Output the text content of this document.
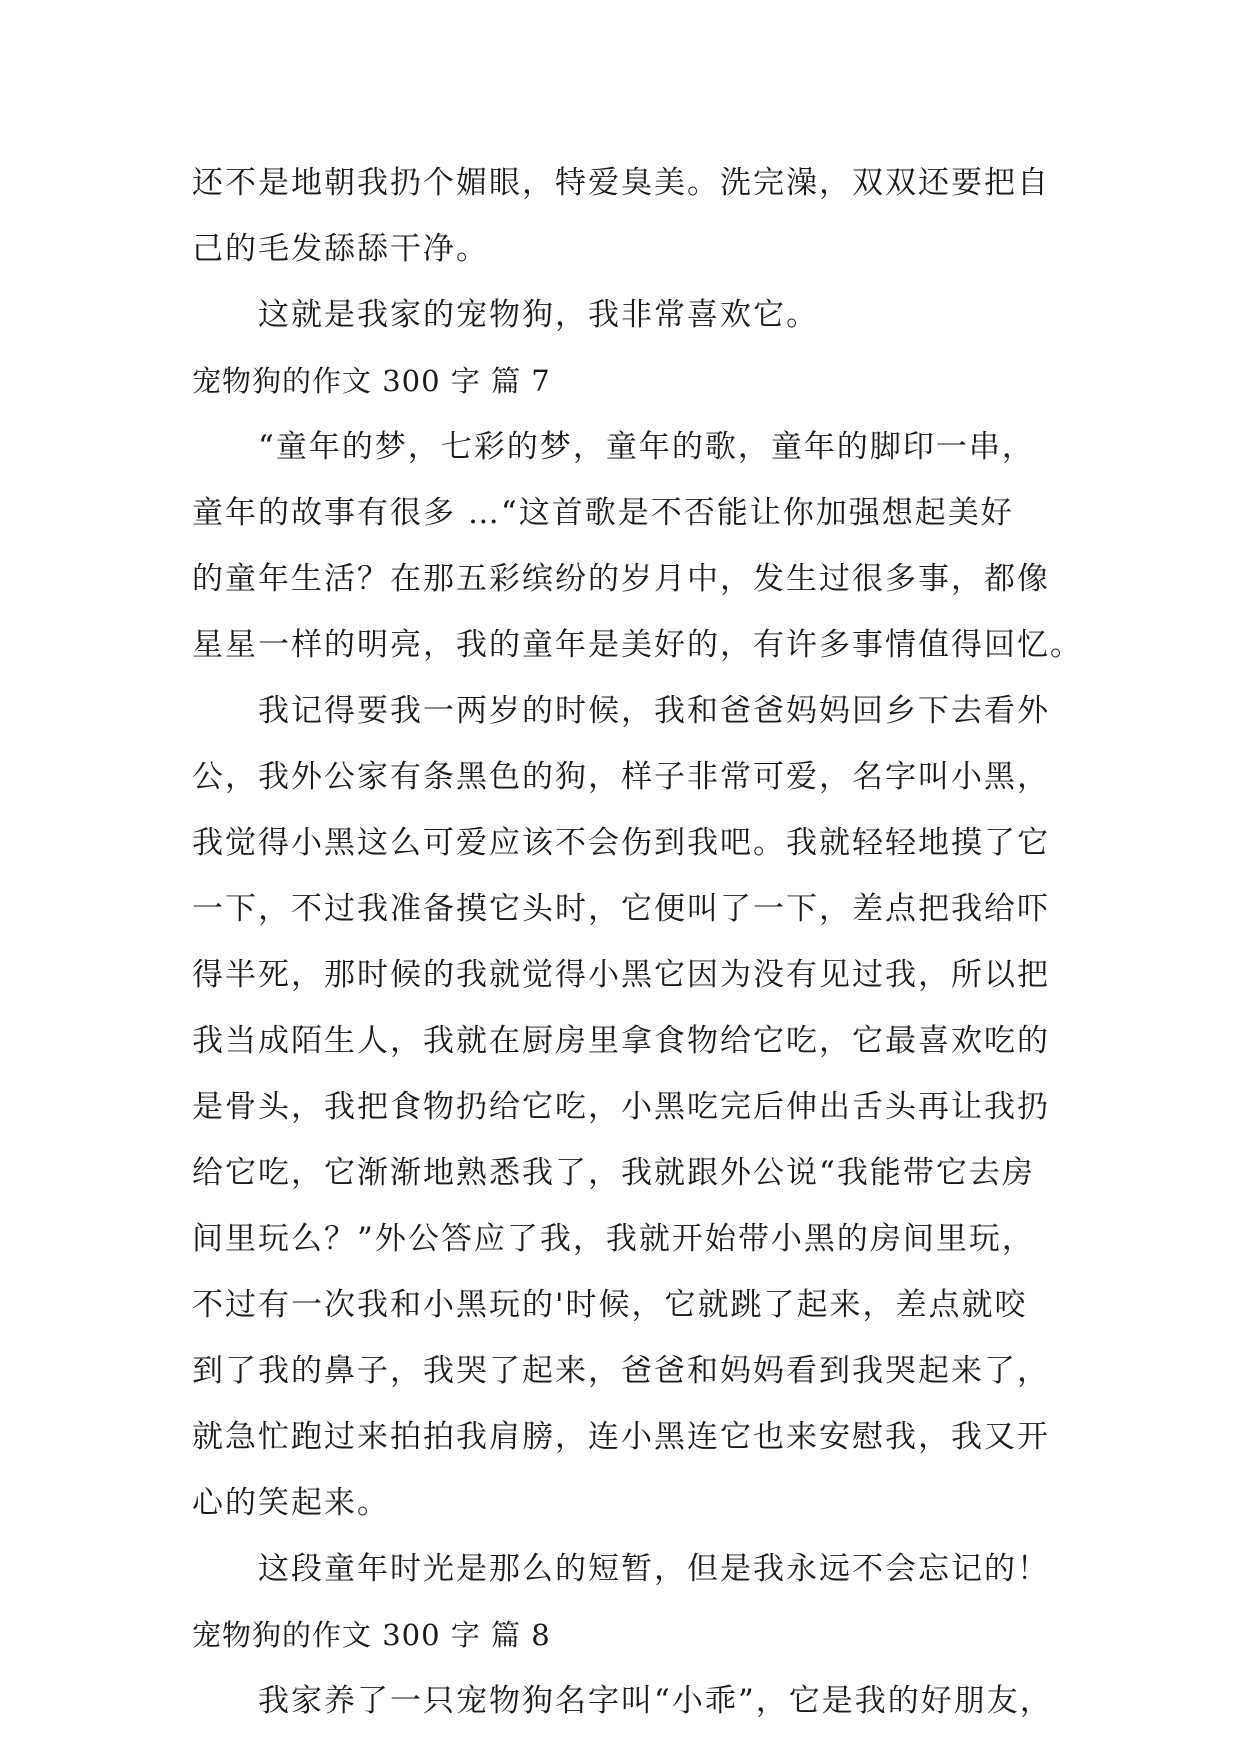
还不是地朝我扔个媚眼，特爱臭美。洗完澡，双双还要把自
己的毛发舔舔干净。
这就是我家的宠物狗，我非常喜欢它。
宠物狗的作文 300 字 篇 7
“童年的梦，七彩的梦，童年的歌，童年的脚印一串，
童年的故事有很多 …“这首歌是不否能让你加强想起美好
的童年生活？在那五彩缤纷的岁月中，发生过很多事，都像
星星一样的明亮，我的童年是美好的，有许多事情值得回忆。
我记得要我一两岁的时候，我和爸爸妈妈回乡下去看外
公，我外公家有条黑色的狗，样子非常可爱，名字叫小黑，
我觉得小黑这么可爱应该不会伤到我吧。我就轻轻地摸了它
一下，不过我准备摸它头时，它便叫了一下，差点把我给吓
得半死，那时候的我就觉得小黑它因为没有见过我，所以把
我当成陌生人，我就在厨房里拿食物给它吃，它最喜欢吃的
是骨头，我把食物扔给它吃，小黑吃完后伸出舌头再让我扔
给它吃，它渐渐地熟悉我了，我就跟外公说“我能带它去房
间里玩么？”外公答应了我，我就开始带小黑的房间里玩，
不过有一次我和小黑玩的'时候，它就跳了起来，差点就咬
到了我的鼻子，我哭了起来，爸爸和妈妈看到我哭起来了，
就急忙跑过来拍拍我肩膀，连小黑连它也来安慰我，我又开
心的笑起来。
这段童年时光是那么的短暂，但是我永远不会忘记的！
宠物狗的作文 300 字 篇 8
我家养了一只宠物狗名字叫“小乖”，它是我的好朋友，
